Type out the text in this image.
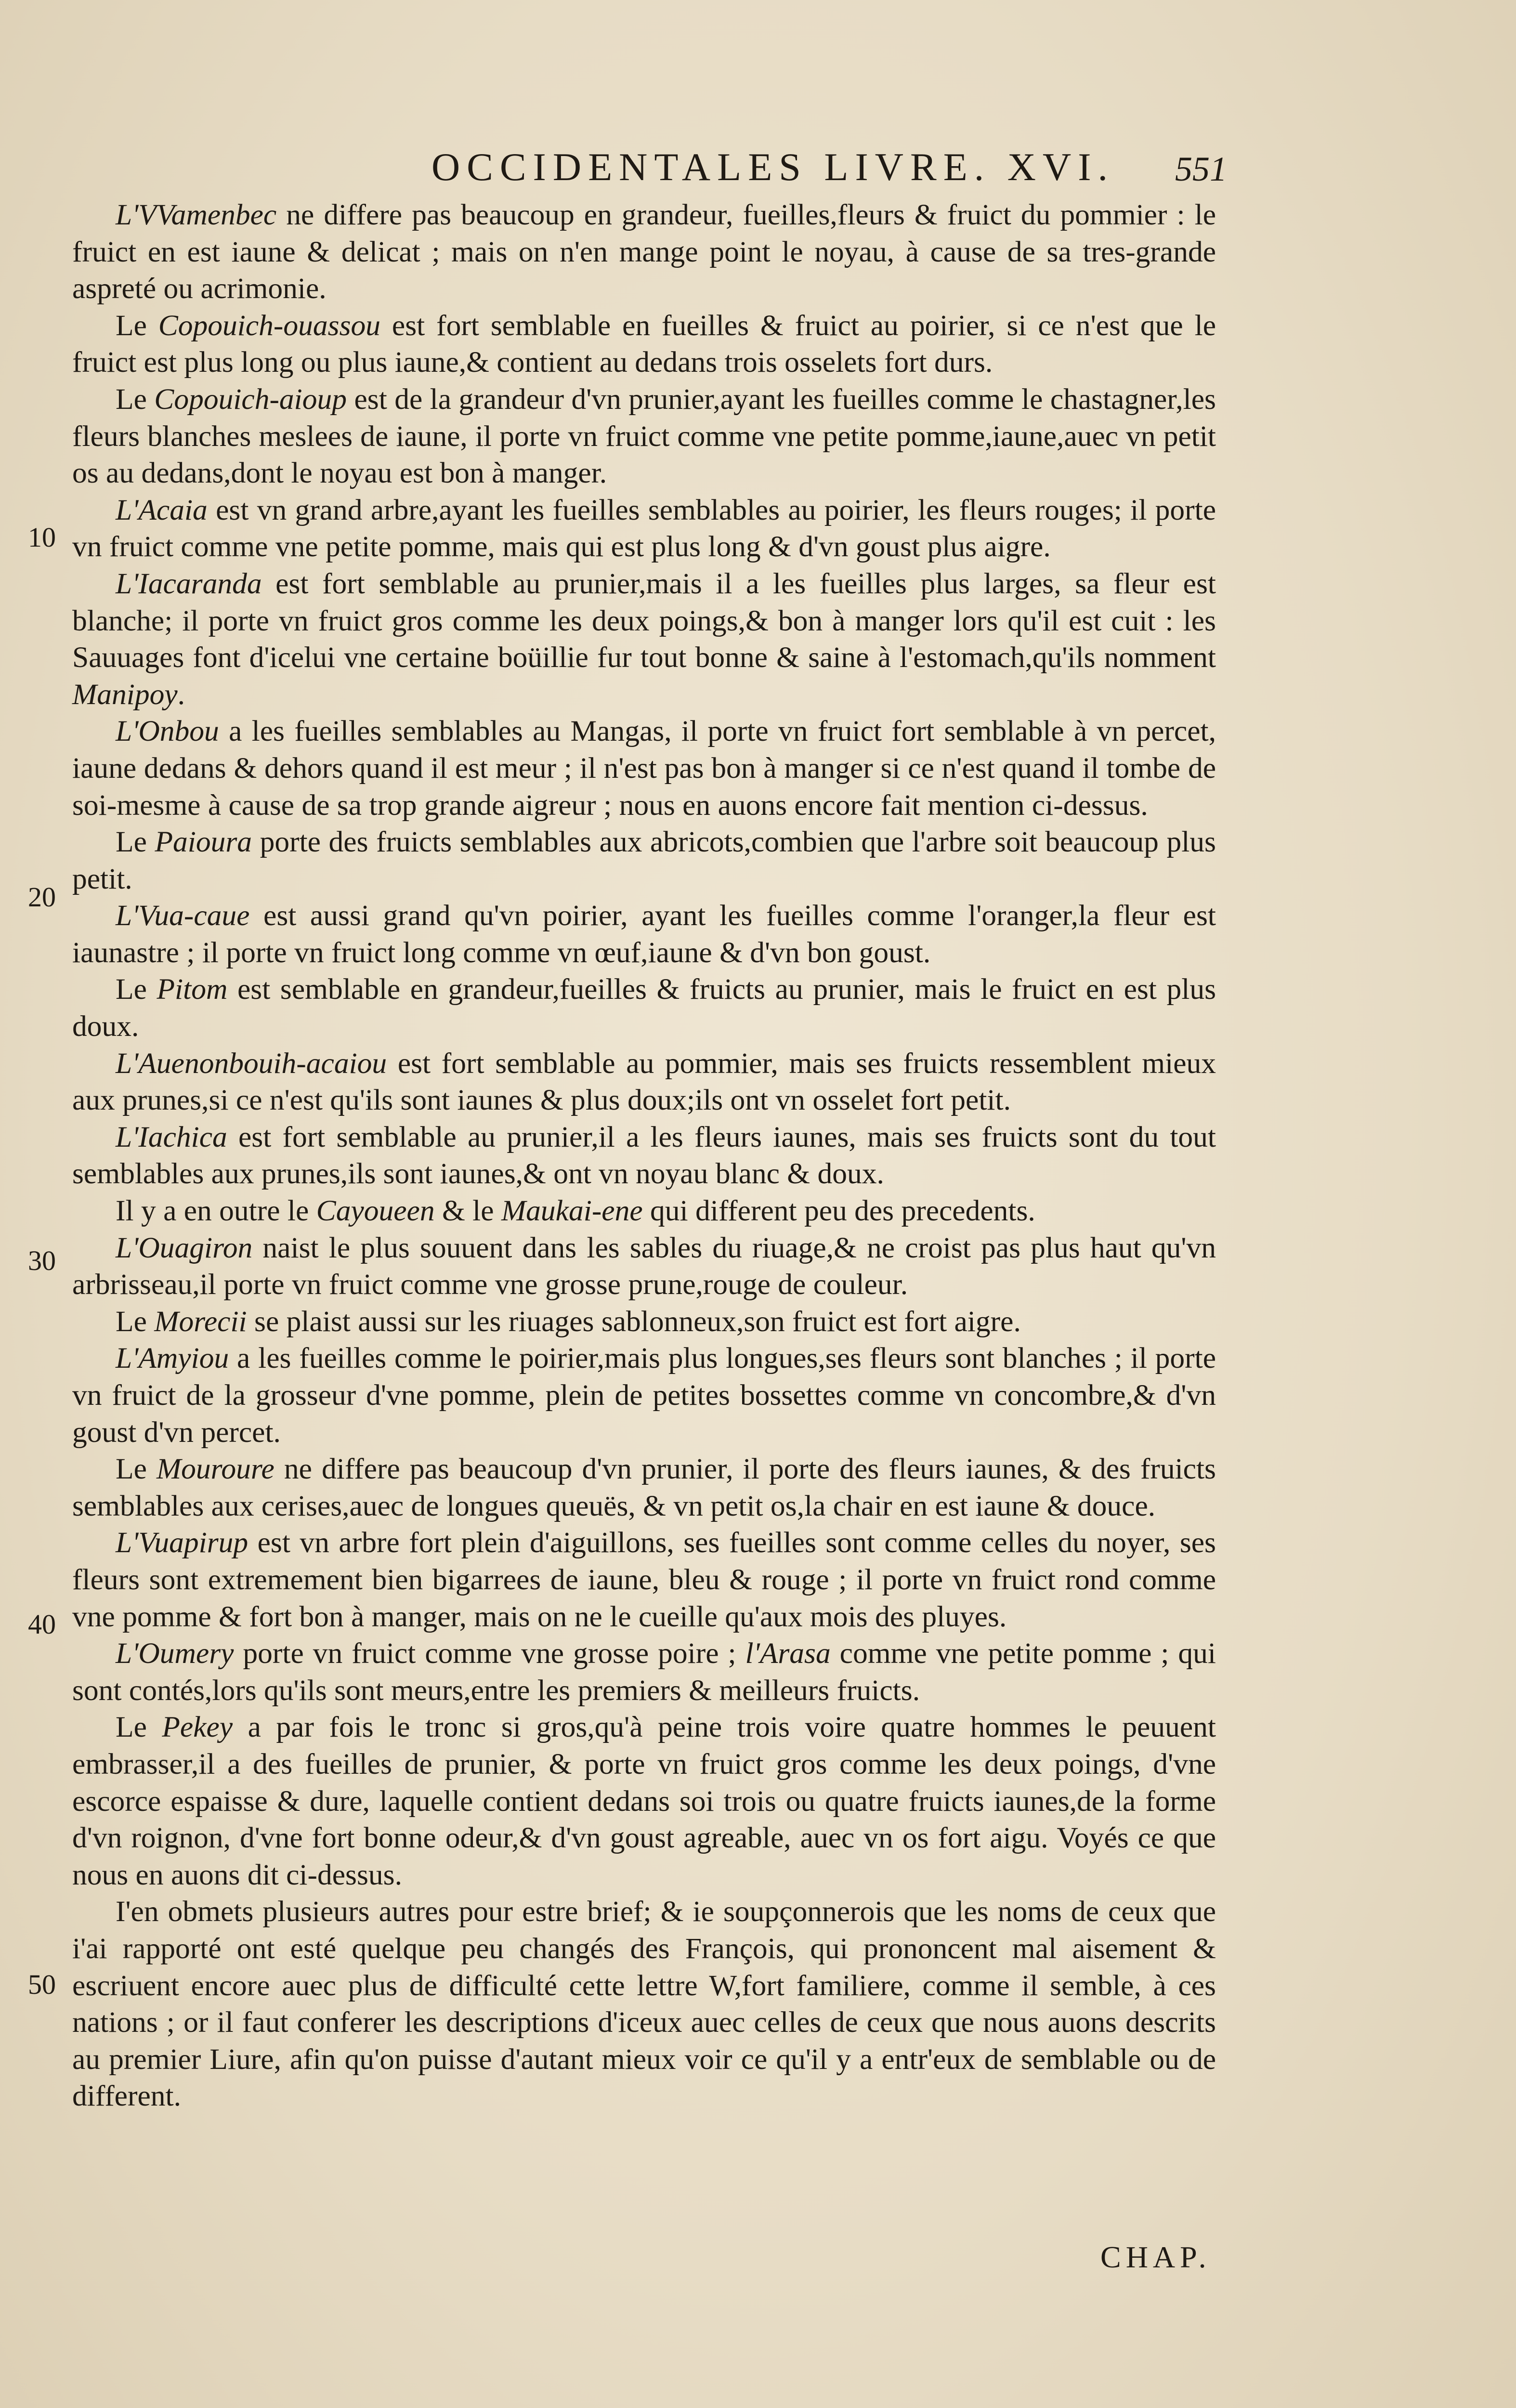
OCCIDENTALES LIVRE. XVI.	551
10
20
30
40
50

L'VVamenbec ne differe pas beaucoup en grandeur, fueilles,fleurs & fruict du pommier : le fruict en est iaune & delicat ; mais on n'en mange point le noyau, à cause de sa tres-grande aspreté ou acrimonie.

Le Copouich-ouassou est fort semblable en fueilles & fruict au poirier, si ce n'est que le fruict est plus long ou plus iaune,& contient au dedans trois osselets fort durs.

Le Copouich-aioup est de la grandeur d'vn prunier,ayant les fueilles comme le chastagner,les fleurs blanches meslees de iaune, il porte vn fruict comme vne petite pomme,iaune,auec vn petit os au dedans,dont le noyau est bon à manger.

L'Acaia est vn grand arbre,ayant les fueilles semblables au poirier, les fleurs rouges; il porte vn fruict comme vne petite pomme, mais qui est plus long & d'vn goust plus aigre.

L'Iacaranda est fort semblable au prunier,mais il a les fueilles plus larges, sa fleur est blanche; il porte vn fruict gros comme les deux poings,& bon à manger lors qu'il est cuit : les Sauuages font d'icelui vne certaine boüillie fur tout bonne & saine à l'estomach,qu'ils nomment Manipoy.

L'Onbou a les fueilles semblables au Mangas, il porte vn fruict fort semblable à vn percet, iaune dedans & dehors quand il est meur ; il n'est pas bon à manger si ce n'est quand il tombe de soi-mesme à cause de sa trop grande aigreur ; nous en auons encore fait mention ci-dessus.

Le Paioura porte des fruicts semblables aux abricots,combien que l'arbre soit beaucoup plus petit.

L'Vua-caue est aussi grand qu'vn poirier, ayant les fueilles comme l'oranger,la fleur est iaunastre ; il porte vn fruict long comme vn œuf,iaune & d'vn bon goust.

Le Pitom est semblable en grandeur,fueilles & fruicts au prunier, mais le fruict en est plus doux.

L'Auenonbouih-acaiou est fort semblable au pommier, mais ses fruicts ressemblent mieux aux prunes,si ce n'est qu'ils sont iaunes & plus doux;ils ont vn osselet fort petit.

L'Iachica est fort semblable au prunier,il a les fleurs iaunes, mais ses fruicts sont du tout semblables aux prunes,ils sont iaunes,& ont vn noyau blanc & doux.

Il y a en outre le Cayoueen & le Maukai-ene qui different peu des precedents.

L'Ouagiron naist le plus souuent dans les sables du riuage,& ne croist pas plus haut qu'vn arbrisseau,il porte vn fruict comme vne grosse prune,rouge de couleur.

Le Morecii se plaist aussi sur les riuages sablonneux,son fruict est fort aigre.

L'Amyiou a les fueilles comme le poirier,mais plus longues,ses fleurs sont blanches ; il porte vn fruict de la grosseur d'vne pomme, plein de petites bossettes comme vn concombre,& d'vn goust d'vn percet.

Le Mouroure ne differe pas beaucoup d'vn prunier, il porte des fleurs iaunes, & des fruicts semblables aux cerises,auec de longues queuës, & vn petit os,la chair en est iaune & douce.

L'Vuapirup est vn arbre fort plein d'aiguillons, ses fueilles sont comme celles du noyer, ses fleurs sont extremement bien bigarrees de iaune, bleu & rouge ; il porte vn fruict rond comme vne pomme & fort bon à manger, mais on ne le cueille qu'aux mois des pluyes.

L'Oumery porte vn fruict comme vne grosse poire ; l'Arasa comme vne petite pomme ; qui sont contés,lors qu'ils sont meurs,entre les premiers & meilleurs fruicts.

Le Pekey a par fois le tronc si gros,qu'à peine trois voire quatre hommes le peuuent embrasser,il a des fueilles de prunier, & porte vn fruict gros comme les deux poings, d'vne escorce espaisse & dure, laquelle contient dedans soi trois ou quatre fruicts iaunes,de la forme d'vn roignon, d'vne fort bonne odeur,& d'vn goust agreable, auec vn os fort aigu. Voyés ce que nous en auons dit ci-dessus.

I'en obmets plusieurs autres pour estre brief; & ie soupçonnerois que les noms de ceux que i'ai rapporté ont esté quelque peu changés des François, qui prononcent mal aisement & escriuent encore auec plus de difficulté cette lettre W,fort familiere, comme il semble, à ces nations ; or il faut conferer les descriptions d'iceux auec celles de ceux que nous auons descrits au premier Liure, afin qu'on puisse d'autant mieux voir ce qu'il y a entr'eux de semblable ou de different.

CHAP.
